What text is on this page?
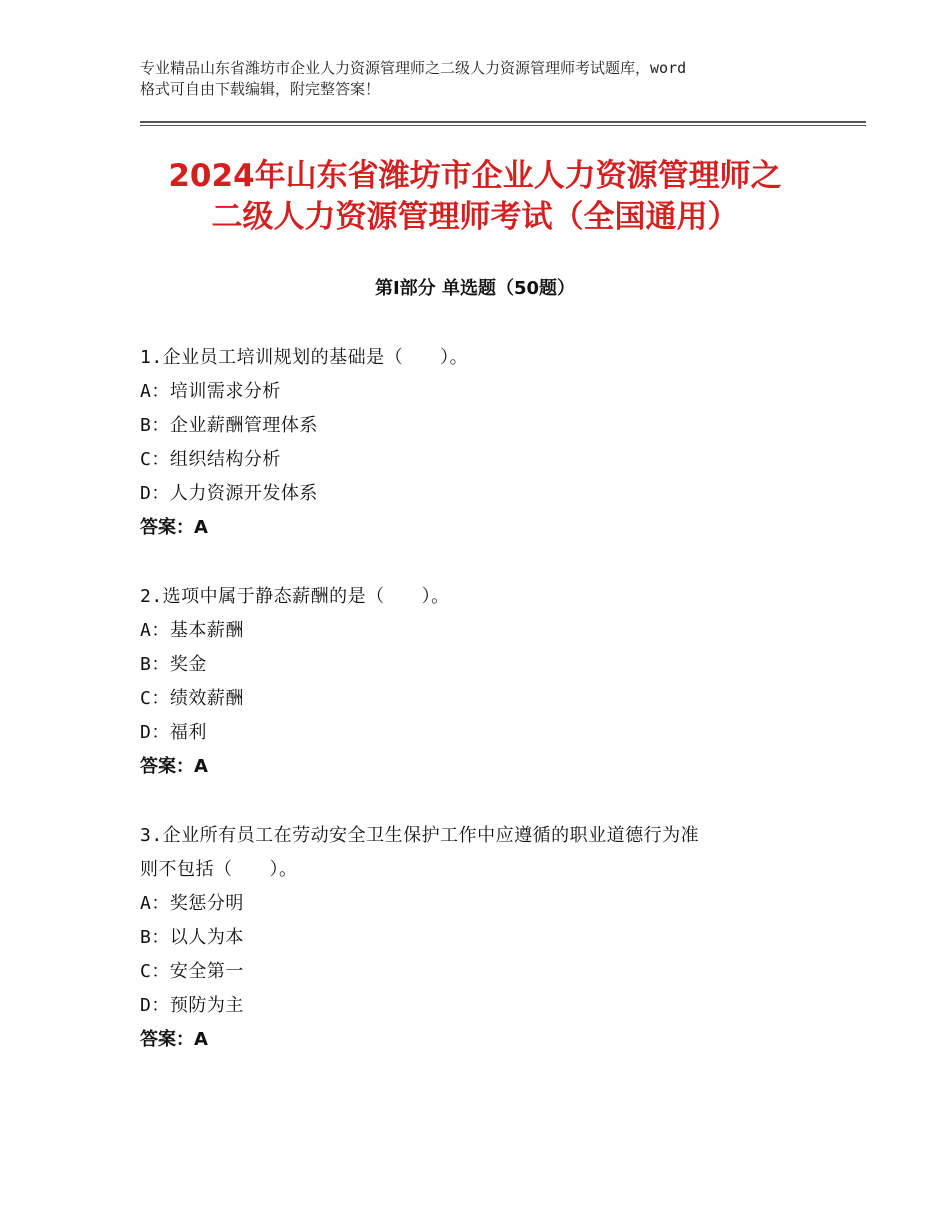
专业精品山东省潍坊市企业人力资源管理师之二级人力资源管理师考试题库，word
格式可自由下载编辑，附完整答案！
2024年山东省潍坊市企业人力资源管理师之
二级人力资源管理师考试（全国通用）
第Ⅰ部分 单选题（50题）

1.企业员工培训规划的基础是（　　）。

A：培训需求分析

B：企业薪酬管理体系

C：组织结构分析

D：人力资源开发体系

答案：A

2.选项中属于静态薪酬的是（　　）。

A：基本薪酬

B：奖金

C：绩效薪酬

D：福利

答案：A

3.企业所有员工在劳动安全卫生保护工作中应遵循的职业道德行为准

则不包括（　　）。

A：奖惩分明

B：以人为本

C：安全第一

D：预防为主

答案：A
